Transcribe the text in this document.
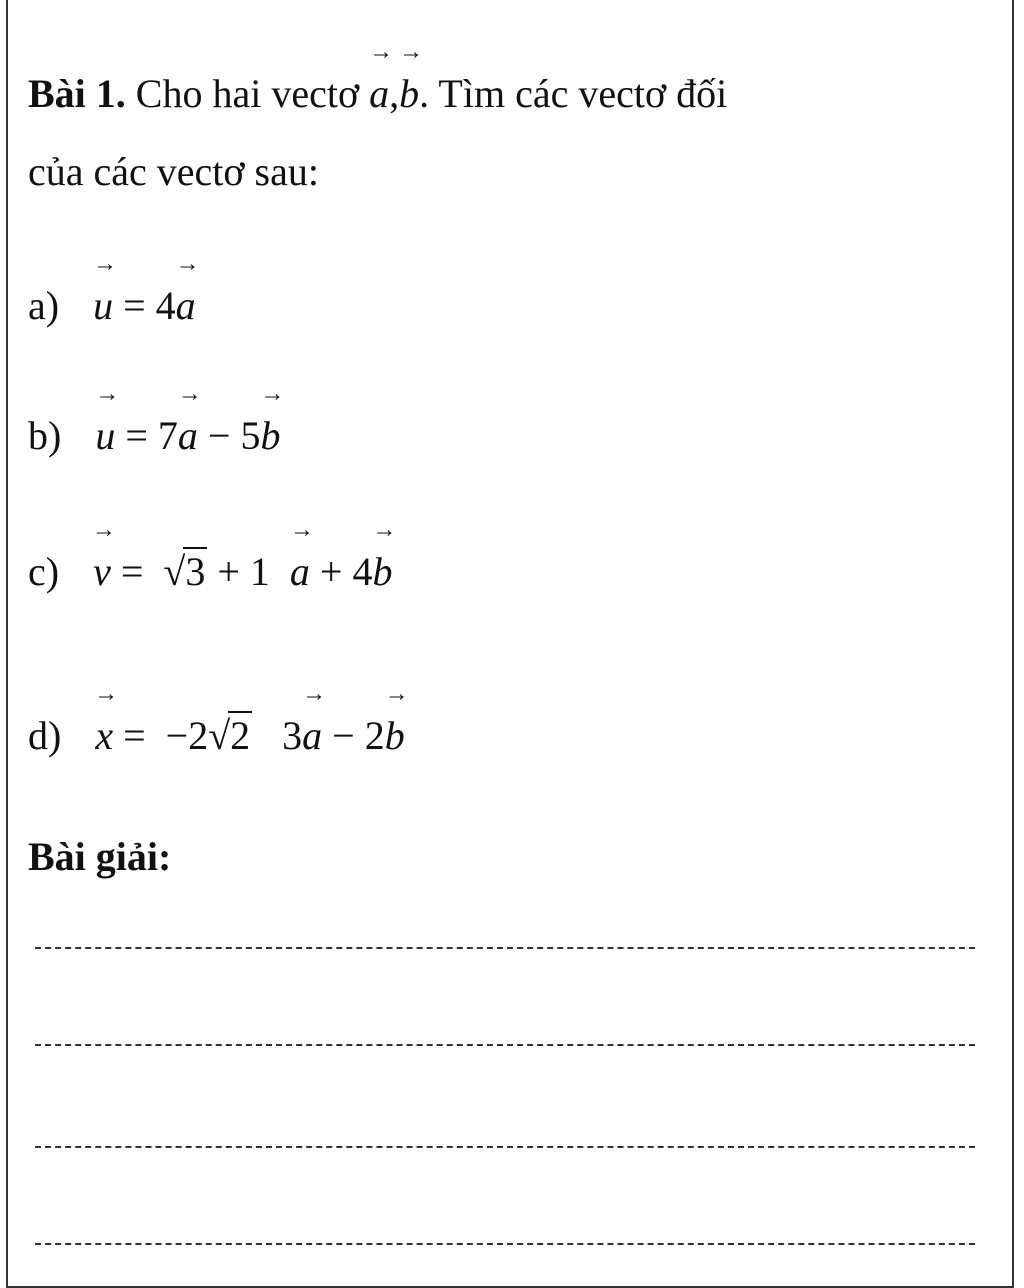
Bài 1. Cho hai vectơ → a,→ b. Tìm các vectơ đối
của các vectơ sau:
a) → u = 4→ a
b) → u = 7→ a − 5→ b
c) → v =  √3 + 1  → a + 4→ b
d) → x =  −2√2   3→ a − 2→ b
Bài giải:
